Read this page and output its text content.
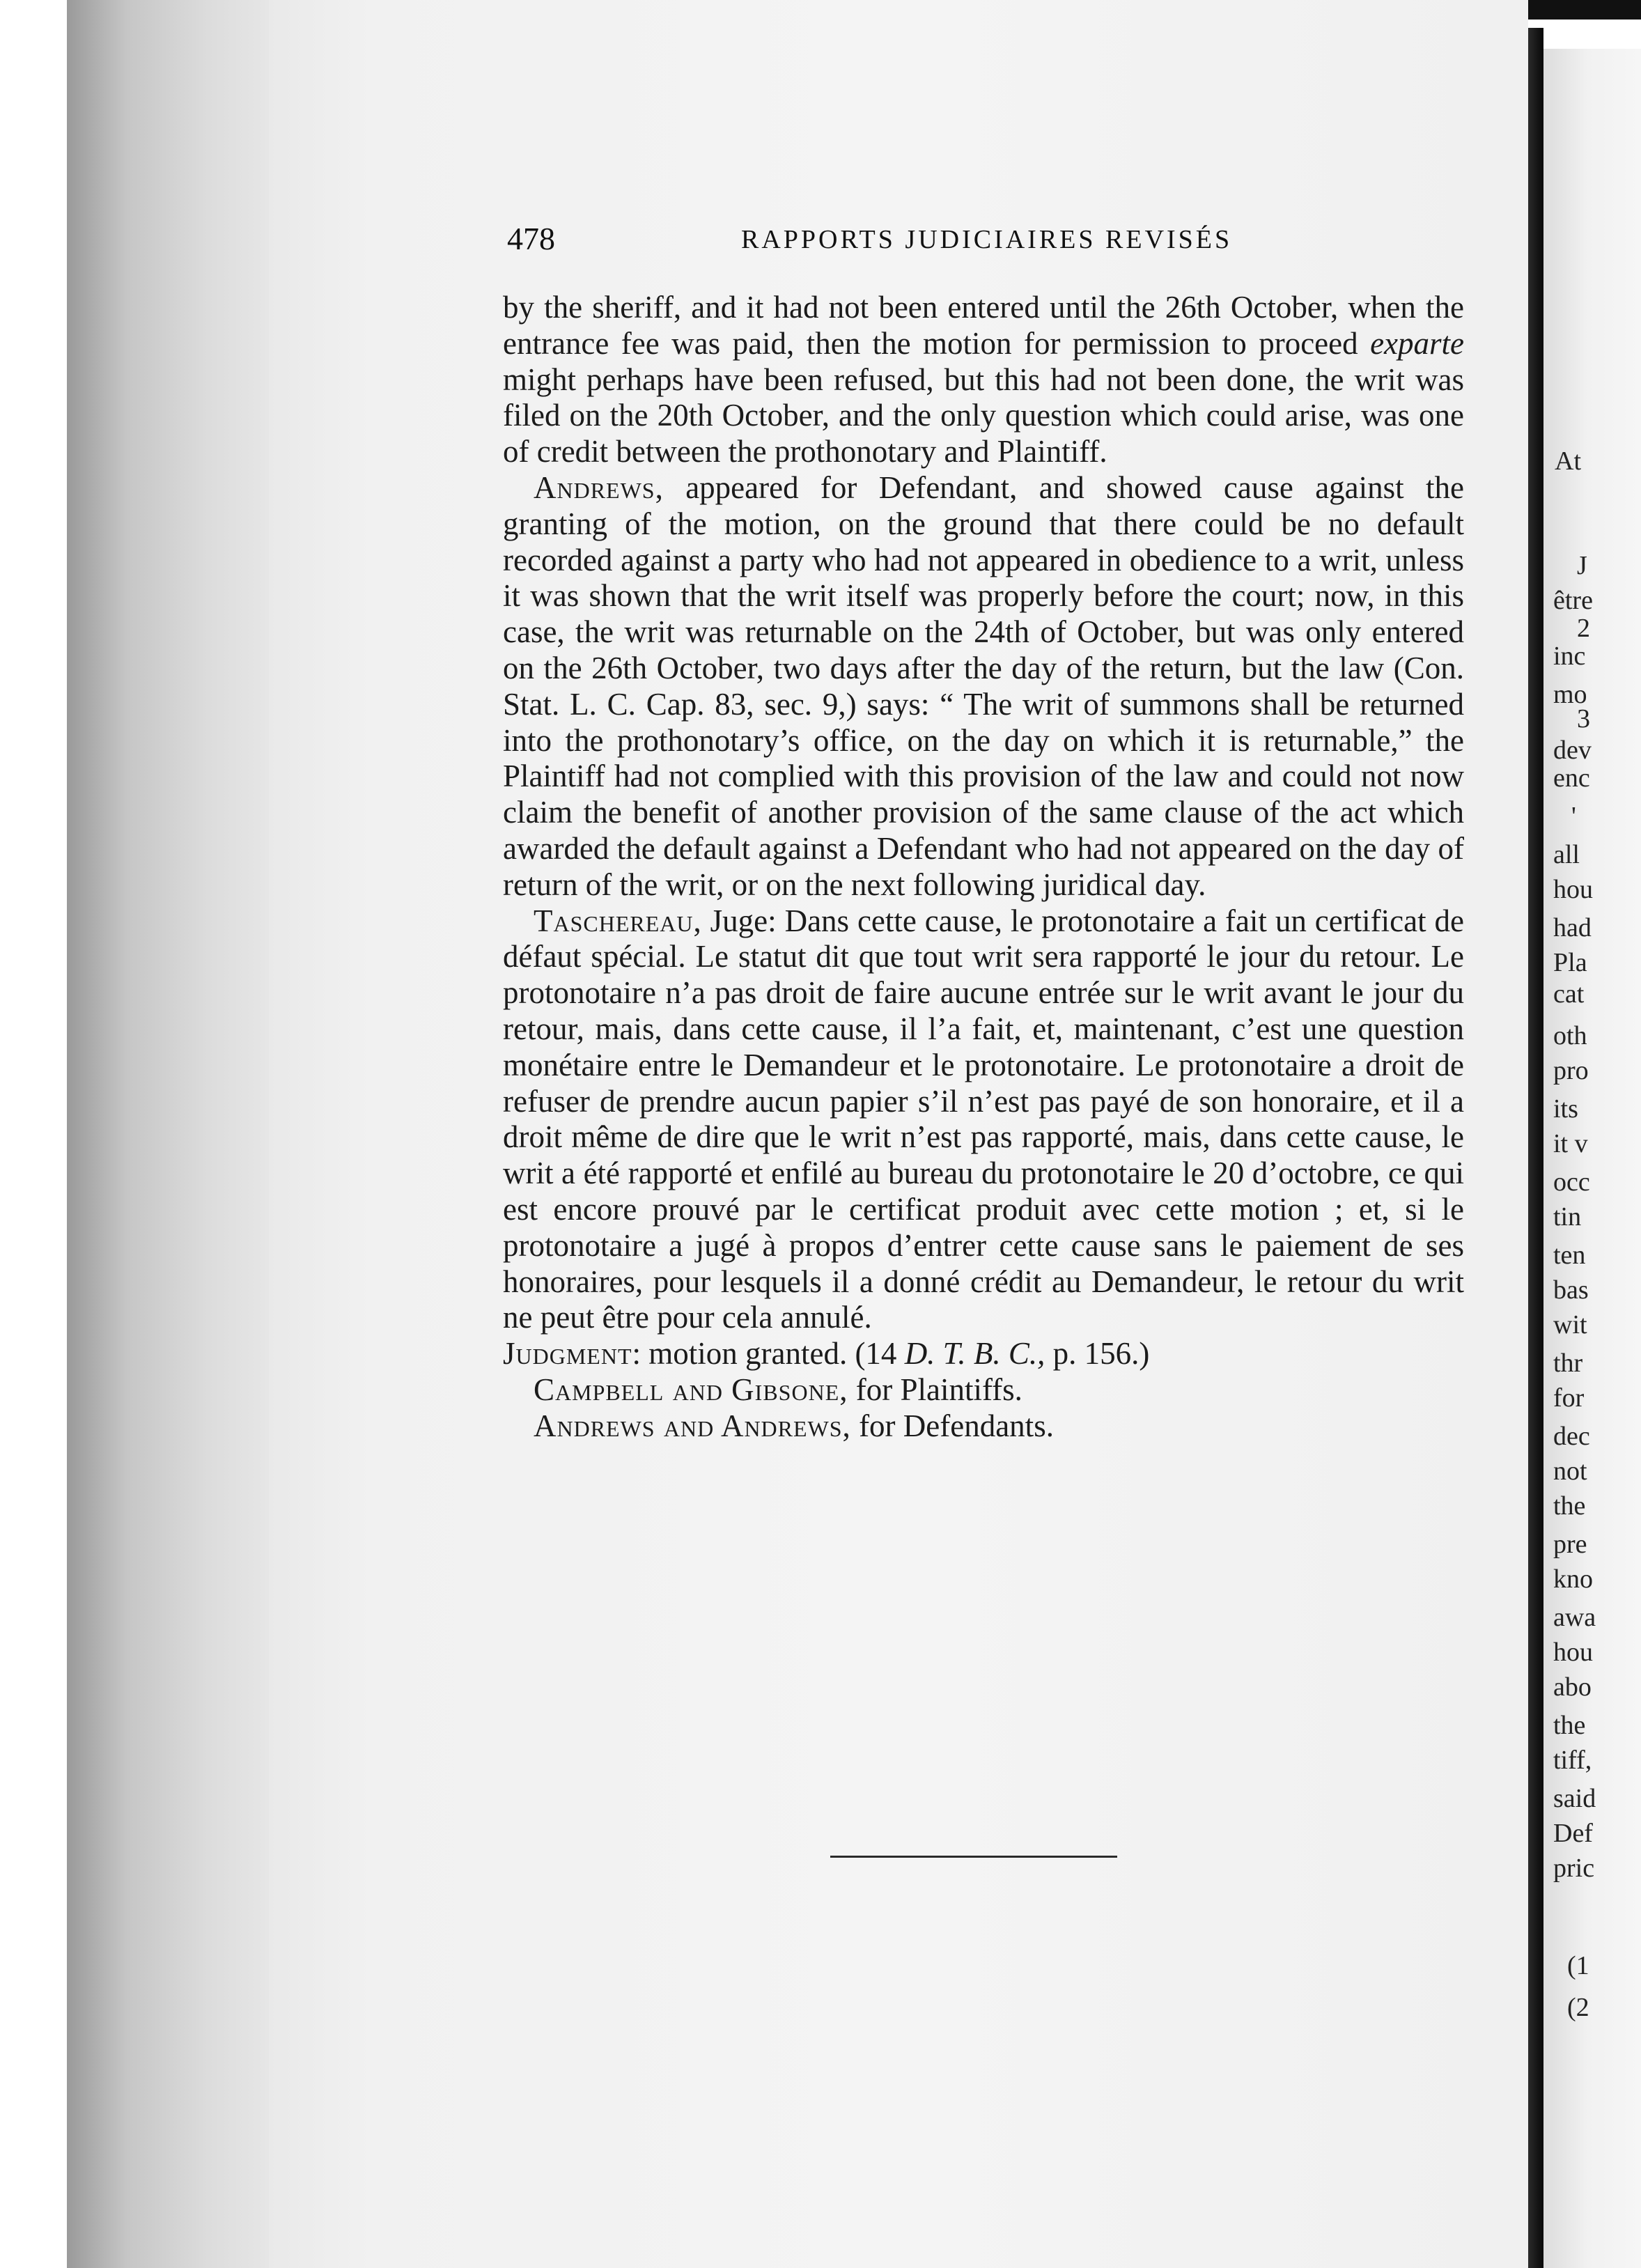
At
J
être
2
inc
mo
3
dev
enc
'
all
hou
had
Pla
cat
oth
pro
its
it v
occ
tin
ten
bas
wit
thr
for
dec
not
the
pre
kno
awa
hou
abo
the
tiff,
said
Def
pric
(1
(2
478	RAPPORTS JUDICIAIRES REVISÉS

by the sheriff, and it had not been entered until the 26th October, when the entrance fee was paid, then the motion for permission to proceed exparte might perhaps have been refused, but this had not been done, the writ was filed on the 20th October, and the only question which could arise, was one of credit between the prothonotary and Plaintiff.

Andrews, appeared for Defendant, and showed cause against the granting of the motion, on the ground that there could be no default recorded against a party who had not appeared in obedience to a writ, unless it was shown that the writ itself was properly before the court; now, in this case, the writ was returnable on the 24th of October, but was only entered on the 26th October, two days after the day of the return, but the law (Con. Stat. L. C. Cap. 83, sec. 9,) says: “ The writ of summons shall be returned into the prothonotary’s office, on the day on which it is returnable,” the Plaintiff had not complied with this provision of the law and could not now claim the benefit of another provision of the same clause of the act which awarded the default against a Defendant who had not appeared on the day of return of the writ, or on the next following juridical day.

Taschereau, Juge: Dans cette cause, le protonotaire a fait un certificat de défaut spécial. Le statut dit que tout writ sera rapporté le jour du retour. Le protonotaire n’a pas droit de faire aucune entrée sur le writ avant le jour du retour, mais, dans cette cause, il l’a fait, et, maintenant, c’est une question monétaire entre le Demandeur et le protonotaire. Le protonotaire a droit de refuser de prendre aucun papier s’il n’est pas payé de son honoraire, et il a droit même de dire que le writ n’est pas rapporté, mais, dans cette cause, le writ a été rapporté et enfilé au bureau du protonotaire le 20 d’octobre, ce qui est encore prouvé par le certificat produit avec cette motion ; et, si le protonotaire a jugé à propos d’entrer cette cause sans le paiement de ses honoraires, pour lesquels il a donné crédit au Demandeur, le retour du writ ne peut être pour cela annulé.

Judgment: motion granted. (14 D. T. B. C., p. 156.)

Campbell and Gibsone, for Plaintiffs.

Andrews and Andrews, for Defendants.
